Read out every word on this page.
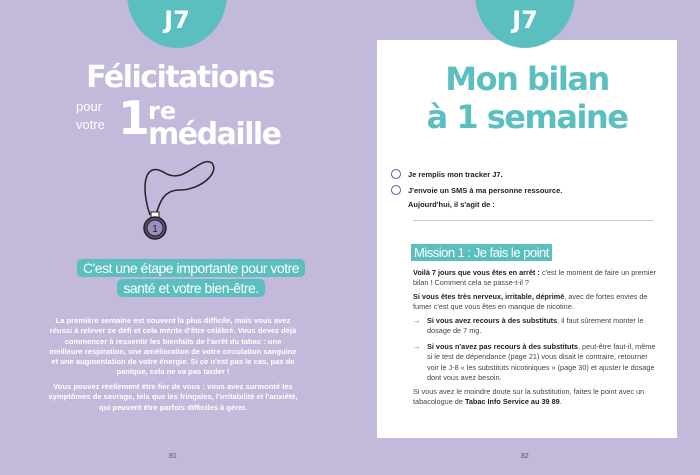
J7
Félicitations
pour
votre 1
re
médaille
1
C'est une étape importante pour votre santé et votre bien-être.
La première semaine est souvent la plus difficile, mais vous avez réussi à relever ce défi et cela mérite d'être célébré. Vous devez déjà commencer à ressentir les bienfaits de l'arrêt du tabac : une meilleure respiration, une amélioration de votre circulation sanguine et une augmentation de votre énergie. Si ce n'est pas le cas, pas de panique, cela ne va pas tarder !
Vous pouvez réellement être fier de vous : vous avez surmonté les symptômes de sevrage, tels que les fringales, l'irritabilité et l'anxiété, qui peuvent être parfois difficiles à gérer.
81
Mon bilan
à 1 semaine
Je remplis mon tracker J7.
J'envoie un SMS à ma personne ressource.
Aujourd'hui, il s'agit de :
Mission 1 : Je fais le point
Voilà 7 jours que vous êtes en arrêt : c'est le moment de faire un premier bilan ! Comment cela se passe-t-il ?
Si vous êtes très nerveux, irritable, déprimé, avec de fortes envies de fumer c'est que vous êtes en manque de nicotine.
→ Si vous avez recours à des substituts, il faut sûrement monter le dosage de 7 mg.
→ Si vous n'avez pas recours à des substituts, peut-être faut-il, même si le test de dépendance (page 21) vous disait le contraire, retourner voir le J-8 « les substituts nicotiniques » (page 30) et ajuster le dosage dont vous avez besoin.
Si vous avez le moindre doute sur la substitution, faites le point avec un tabacologue de Tabac Info Service au 39 89.
J7
82
